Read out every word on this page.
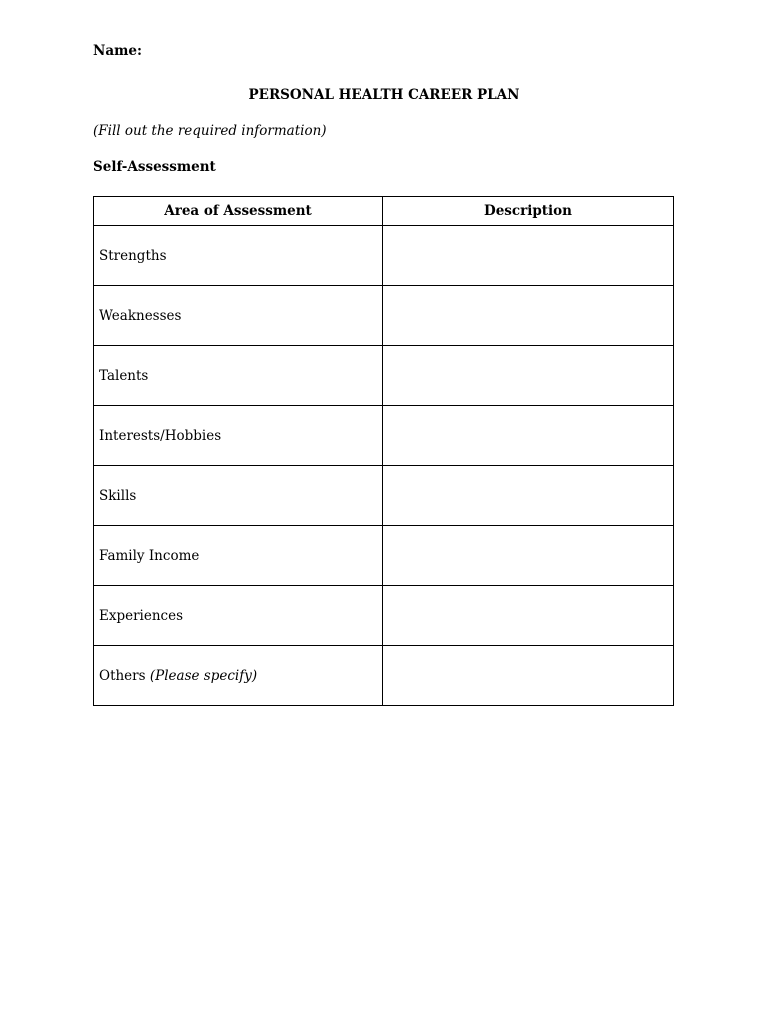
Name:
PERSONAL HEALTH CAREER PLAN
(Fill out the required information)
Self-Assessment
Area of Assessment	Description
Strengths	
Weaknesses	
Talents	
Interests/Hobbies	
Skills	
Family Income	
Experiences	
Others (Please specify)	
